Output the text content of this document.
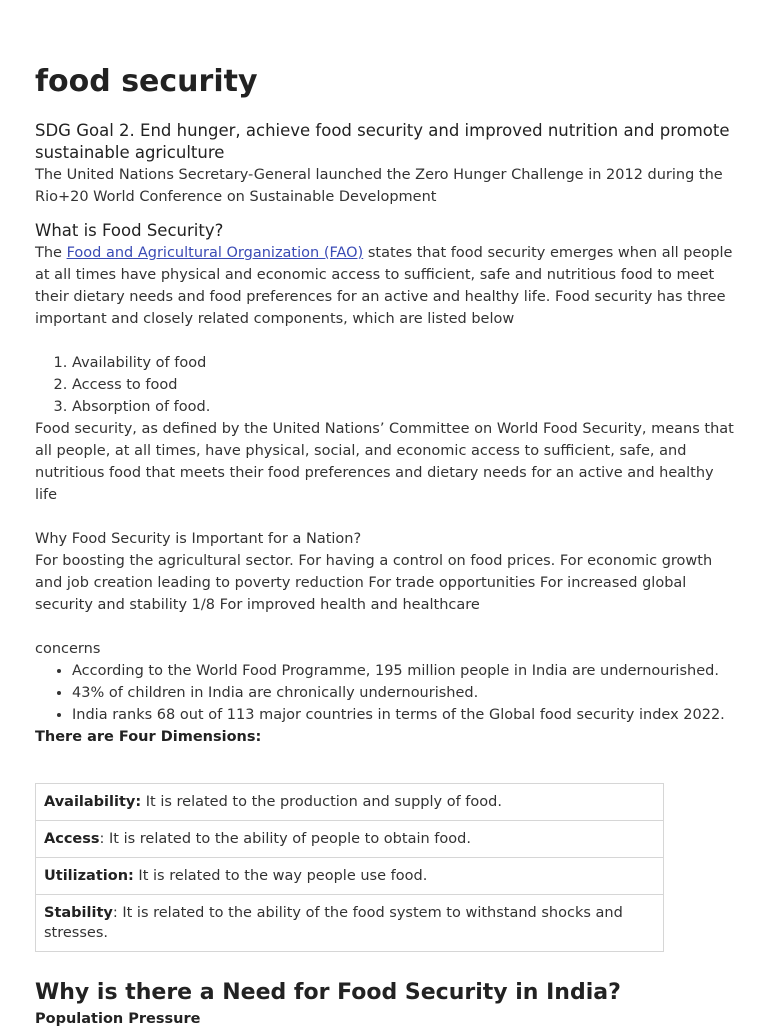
food security
SDG Goal 2. End hunger, achieve food security and improved nutrition and promote sustainable agriculture

The United Nations Secretary-General launched the Zero Hunger Challenge in 2012 during the Rio+20 World Conference on Sustainable Development

What is Food Security?

The Food and Agricultural Organization (FAO) states that food security emerges when all people at all times have physical and economic access to sufficient, safe and nutritious food to meet their dietary needs and food preferences for an active and healthy life. Food security has three important and closely related components, which are listed below

1. Availability of food
2. Access to food
3. Absorption of food.

Food security, as defined by the United Nations’ Committee on World Food Security, means that all people, at all times, have physical, social, and economic access to sufficient, safe, and nutritious food that meets their food preferences and dietary needs for an active and healthy life

Why Food Security is Important for a Nation?

For boosting the agricultural sector. For having a control on food prices. For economic growth and job creation leading to poverty reduction For trade opportunities For increased global security and stability 1/8 For improved health and healthcare

concerns

• According to the World Food Programme, 195 million people in India are undernourished.
• 43% of children in India are chronically undernourished.
• India ranks 68 out of 113 major countries in terms of the Global food security index 2022.

There are Four Dimensions:

Availability: It is related to the production and supply of food.
Access: It is related to the ability of people to obtain food.
Utilization: It is related to the way people use food.
Stability: It is related to the ability of the food system to withstand shocks and stresses.
Why is there a Need for Food Security in India?

Population Pressure
